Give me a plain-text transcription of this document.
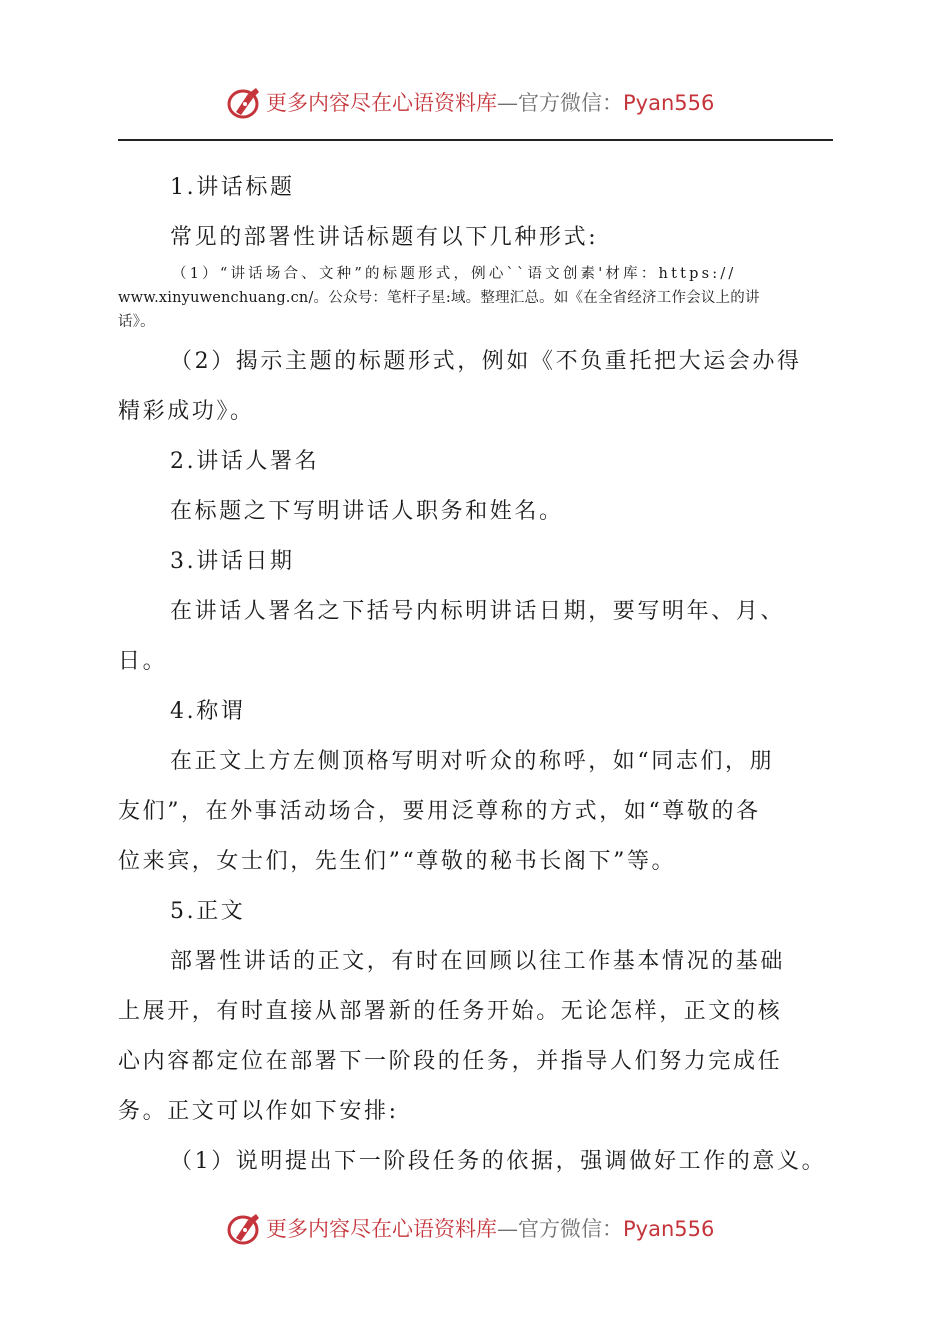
更多内容尽在心语资料库—官方微信：Pyan556
1.讲话标题
常见的部署性讲话标题有以下几种形式:
（1）“讲话场合、文种”的标题形式，例心``语文创素'材库：https://
www.xinyuwenchuang.cn/。公众号：笔杆子星:域。整理汇总。如《在全省经济工作会议上的讲
话》。
（2）揭示主题的标题形式，例如《不负重托把大运会办得
精彩成功》。
2.讲话人署名
在标题之下写明讲话人职务和姓名。
3.讲话日期
在讲话人署名之下括号内标明讲话日期，要写明年、月、
日。
4.称谓
在正文上方左侧顶格写明对听众的称呼，如“同志们，朋
友们”，在外事活动场合，要用泛尊称的方式，如“尊敬的各
位来宾，女士们，先生们”“尊敬的秘书长阁下”等。
5.正文
部署性讲话的正文，有时在回顾以往工作基本情况的基础
上展开，有时直接从部署新的任务开始。无论怎样，正文的核
心内容都定位在部署下一阶段的任务，并指导人们努力完成任
务。正文可以作如下安排:
（1）说明提出下一阶段任务的依据，强调做好工作的意义。
更多内容尽在心语资料库—官方微信：Pyan556
